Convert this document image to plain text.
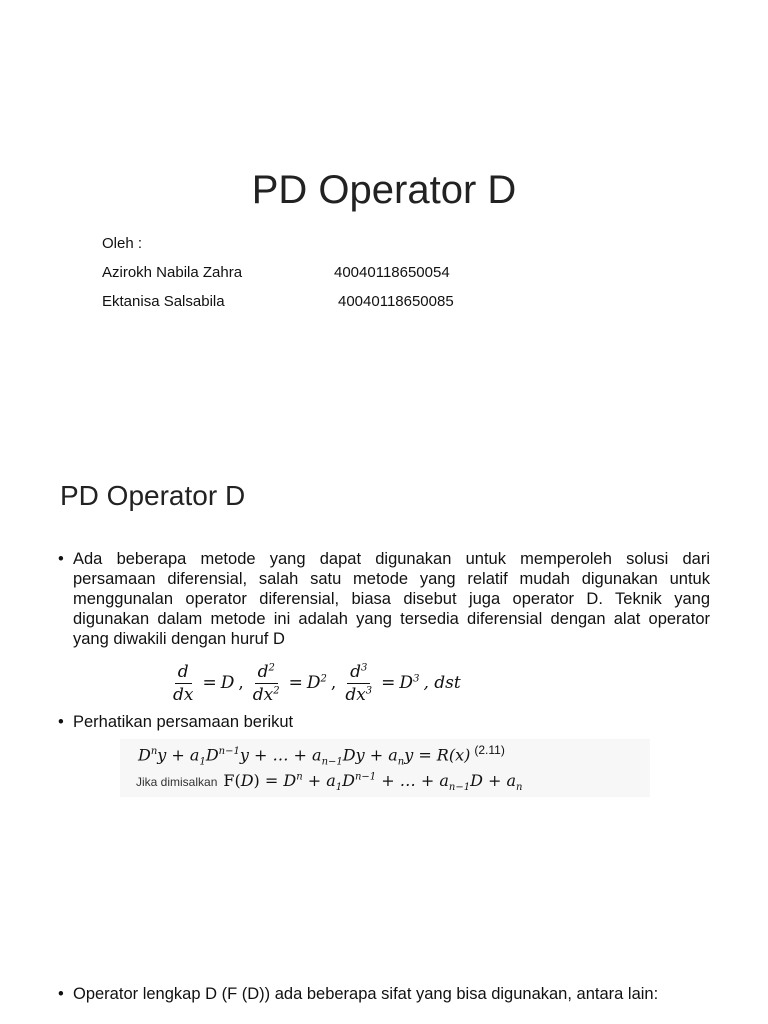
PD Operator D
Oleh :
Azirokh Nabila Zahra	40040118650054
Ektanisa Salsabila	40040118650085
PD Operator D
• Ada beberapa metode yang dapat digunakan untuk memperoleh solusi dari persamaan diferensial, salah satu metode yang relatif mudah digunakan untuk menggunalan operator diferensial, biasa disebut juga operator D. Teknik yang digunakan dalam metode ini adalah yang tersedia diferensial dengan alat operator yang diwakili dengan huruf D
$\frac{d}{dx} = D$ , $\frac{d^2}{dx^2} = D^2$ , $\frac{d^3}{dx^3} = D^3$ , dst
• Perhatikan persamaan berikut
$D^ny + a_1D^{n-1}y$ + … + $a_{n-1}Dy + a_ny = R(x)$ $^{(2.11)}$
Jika dimisalkan $F(D) = D^n + a_1D^{n-1}$ + … + $a_{n-1}D + a_n$
• Operator lengkap D (F (D)) ada beberapa sifat yang bisa digunakan, antara lain:
